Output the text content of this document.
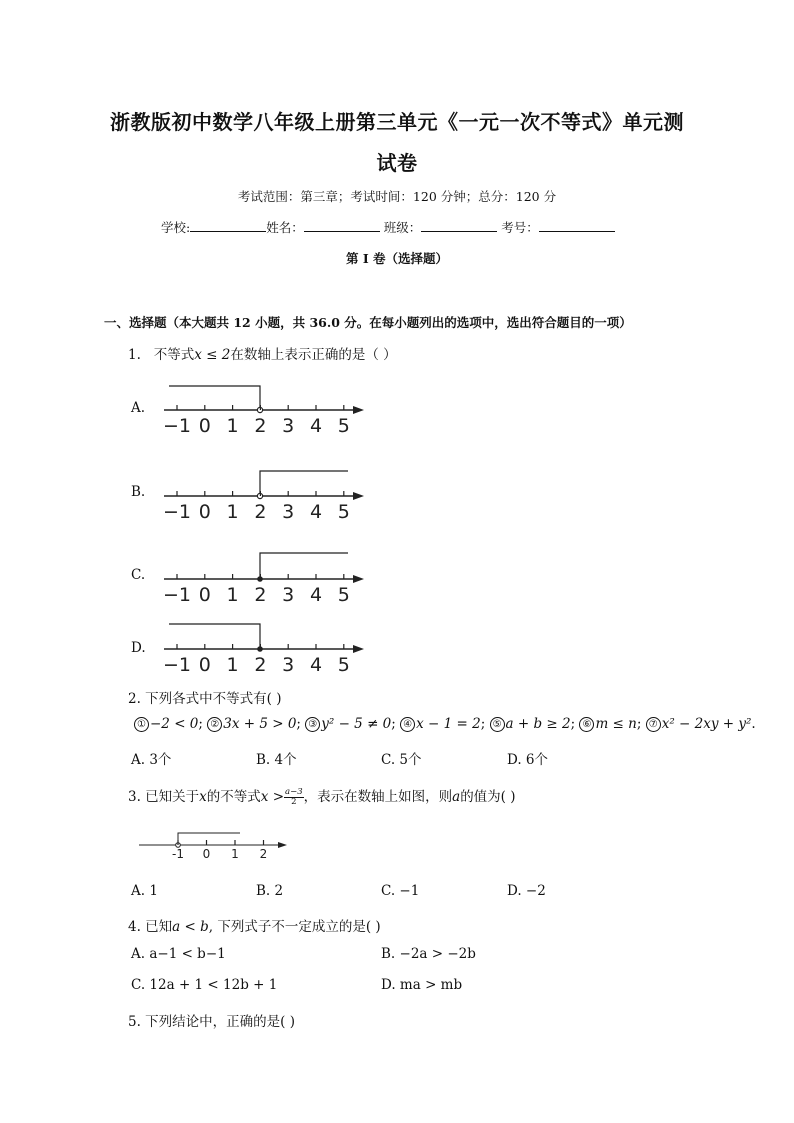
浙教版初中数学八年级上册第三单元《一元一次不等式》单元测
试卷
考试范围：第三章；考试时间：120 分钟；总分：120 分
学校:	姓名：	班级：	考号：
第 I 卷（选择题）
一、选择题（本大题共 12 小题，共 36.0 分。在每小题列出的选项中，选出符合题目的一项）
1. 不等式x ≤ 2在数轴上表示正确的是（ ）
A.
B.
C.
D.
−1 0 1 2 3 4 5
−1 0 1 2 3 4 5
−1 0 1 2 3 4 5
−1 0 1 2 3 4 5
2. 下列各式中不等式有( )
① −2 < 0; ② 3x + 5 > 0; ③ y² − 5 ≠ 0; ④ x − 1 = 2; ⑤ a + b ≥ 2; ⑥ m ≤ n; ⑦ x² − 2xy + y².
A. 3个	B. 4个	C. 5个	D. 6个
3. 已知关于x的不等式$x > \frac{a-3}{2}$ ，表示在数轴上如图，则a的值为( )
-1 0 1 2
A. 1	B. 2	C. −1	D. −2
4. 已知a < b, 下列式子不一定成立的是( )
A. a−1 < b−1	B. −2a > −2b
C. 12a + 1 < 12b + 1	D. ma > mb
5. 下列结论中，正确的是( )
